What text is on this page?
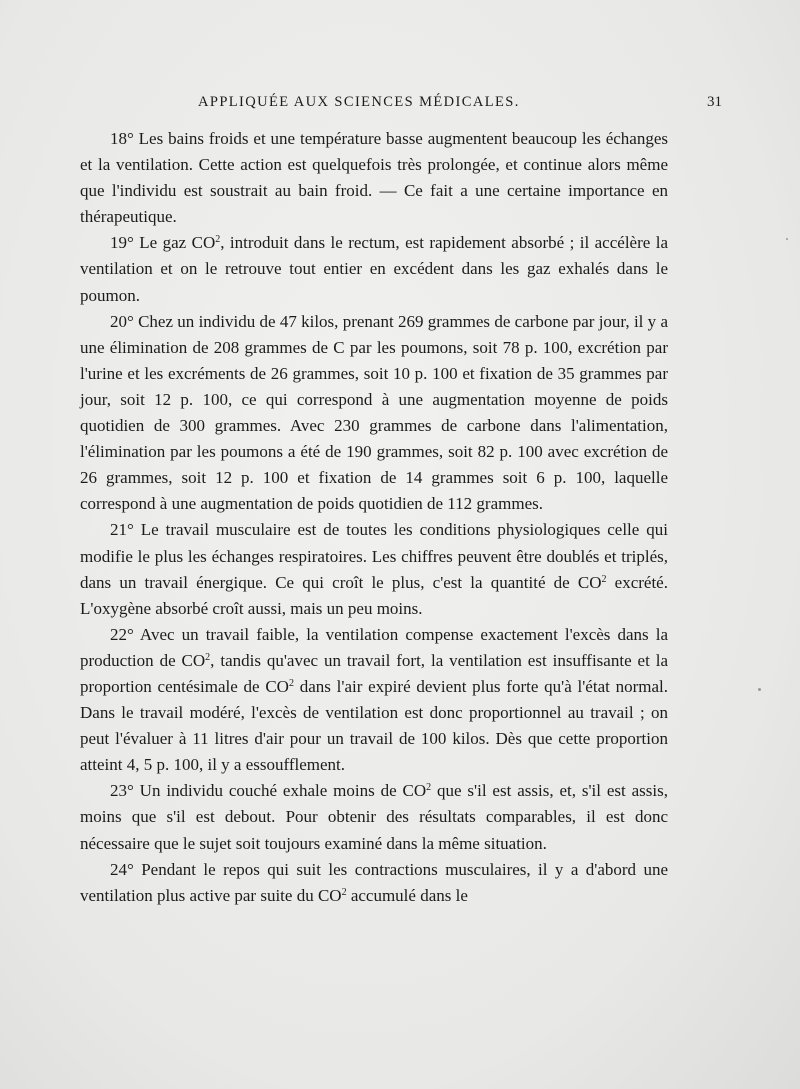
APPLIQUÉE AUX SCIENCES MÉDICALES.	31

18° Les bains froids et une température basse augmentent beaucoup les échanges et la ventilation. Cette action est quelquefois très prolongée, et continue alors même que l'individu est soustrait au bain froid. — Ce fait a une certaine importance en thérapeutique.

19° Le gaz $CO^2$, introduit dans le rectum, est rapidement absorbé ; il accélère la ventilation et on le retrouve tout entier en excédent dans les gaz exhalés dans le poumon.

20° Chez un individu de 47 kilos, prenant 269 grammes de carbone par jour, il y a une élimination de 208 grammes de C par les poumons, soit 78 p. 100, excrétion par l'urine et les excréments de 26 grammes, soit 10 p. 100 et fixation de 35 grammes par jour, soit 12 p. 100, ce qui correspond à une augmentation moyenne de poids quotidien de 300 grammes. Avec 230 grammes de carbone dans l'alimentation, l'élimination par les poumons a été de 190 grammes, soit 82 p. 100 avec excrétion de 26 grammes, soit 12 p. 100 et fixation de 14 grammes soit 6 p. 100, laquelle correspond à une augmentation de poids quotidien de 112 grammes.

21° Le travail musculaire est de toutes les conditions physiologiques celle qui modifie le plus les échanges respiratoires. Les chiffres peuvent être doublés et triplés, dans un travail énergique. Ce qui croît le plus, c'est la quantité de $CO^2$ excrété. L'oxygène absorbé croît aussi, mais un peu moins.

22° Avec un travail faible, la ventilation compense exactement l'excès dans la production de $CO^2$, tandis qu'avec un travail fort, la ventilation est insuffisante et la proportion centésimale de $CO^2$ dans l'air expiré devient plus forte qu'à l'état normal. Dans le travail modéré, l'excès de ventilation est donc proportionnel au travail ; on peut l'évaluer à 11 litres d'air pour un travail de 100 kilos. Dès que cette proportion atteint 4, 5 p. 100, il y a essoufflement.

23° Un individu couché exhale moins de $CO^2$ que s'il est assis, et, s'il est assis, moins que s'il est debout. Pour obtenir des résultats comparables, il est donc nécessaire que le sujet soit toujours examiné dans la même situation.

24° Pendant le repos qui suit les contractions musculaires, il y a d'abord une ventilation plus active par suite du $CO^2$ accumulé dans le
